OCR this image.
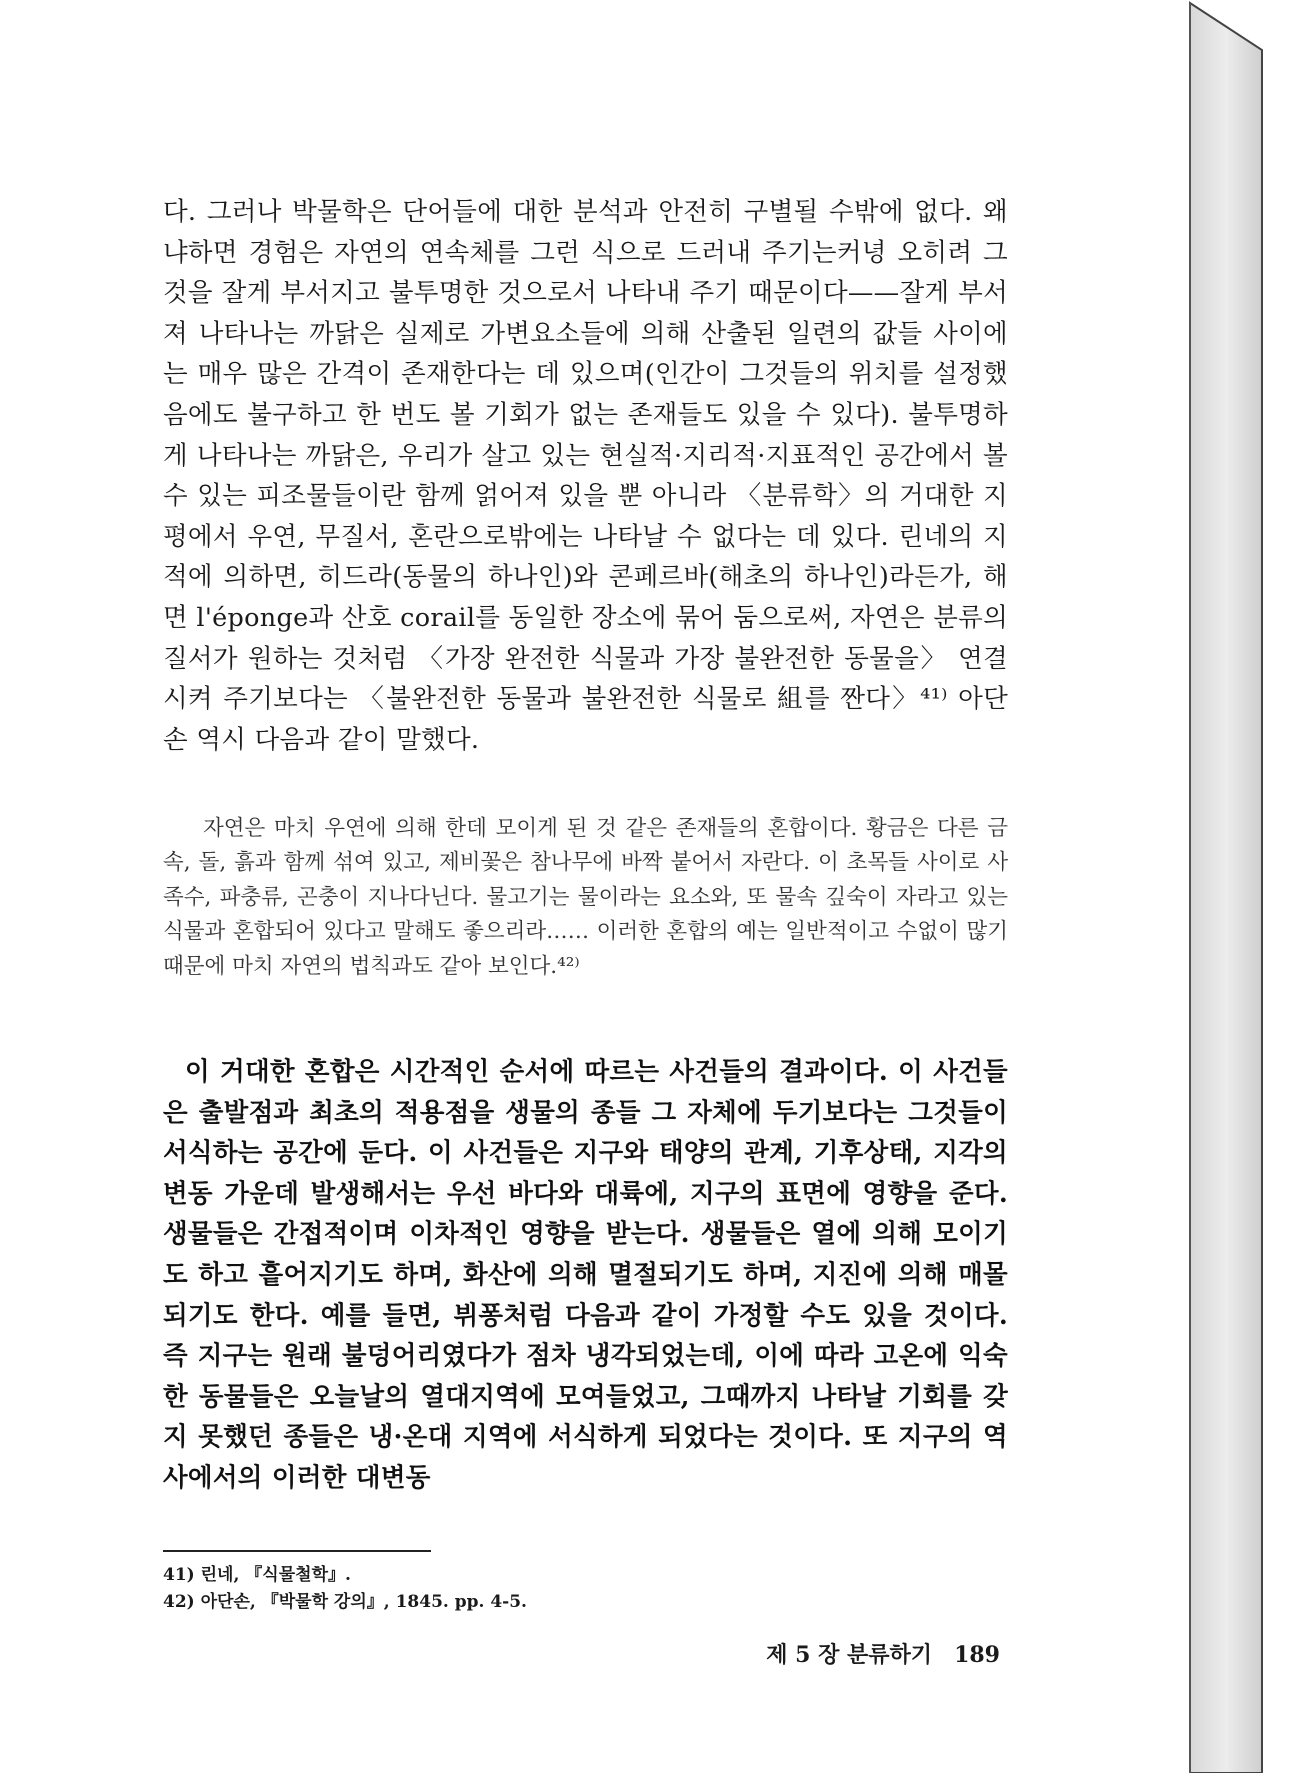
다. 그러나 박물학은 단어들에 대한 분석과 안전히 구별될 수밖에 없다. 왜냐하면 경험은 자연의 연속체를 그런 식으로 드러내 주기는커녕 오히려 그것을 잘게 부서지고 불투명한 것으로서 나타내 주기 때문이다——잘게 부서져 나타나는 까닭은 실제로 가변요소들에 의해 산출된 일련의 값들 사이에는 매우 많은 간격이 존재한다는 데 있으며(인간이 그것들의 위치를 설정했음에도 불구하고 한 번도 볼 기회가 없는 존재들도 있을 수 있다). 불투명하게 나타나는 까닭은, 우리가 살고 있는 현실적·지리적·지표적인 공간에서 볼 수 있는 피조물들이란 함께 얽어져 있을 뿐 아니라 〈분류학〉의 거대한 지평에서 우연, 무질서, 혼란으로밖에는 나타날 수 없다는 데 있다. 린네의 지적에 의하면, 히드라(동물의 하나인)와 콘페르바(해초의 하나인)라든가, 해면 l'éponge과 산호 corail를 동일한 장소에 묶어 둠으로써, 자연은 분류의 질서가 원하는 것처럼 〈가장 완전한 식물과 가장 불완전한 동물을〉 연결시켜 주기보다는 〈불완전한 동물과 불완전한 식물로 組를 짠다〉⁴¹⁾ 아단손 역시 다음과 같이 말했다.

자연은 마치 우연에 의해 한데 모이게 된 것 같은 존재들의 혼합이다. 황금은 다른 금속, 돌, 흙과 함께 섞여 있고, 제비꽃은 참나무에 바짝 붙어서 자란다. 이 초목들 사이로 사족수, 파충류, 곤충이 지나다닌다. 물고기는 물이라는 요소와, 또 물속 깊숙이 자라고 있는 식물과 혼합되어 있다고 말해도 좋으리라…… 이러한 혼합의 예는 일반적이고 수없이 많기 때문에 마치 자연의 법칙과도 같아 보인다.⁴²⁾

이 거대한 혼합은 시간적인 순서에 따르는 사건들의 결과이다. 이 사건들은 출발점과 최초의 적용점을 생물의 종들 그 자체에 두기보다는 그것들이 서식하는 공간에 둔다. 이 사건들은 지구와 태양의 관계, 기후상태, 지각의 변동 가운데 발생해서는 우선 바다와 대륙에, 지구의 표면에 영향을 준다. 생물들은 간접적이며 이차적인 영향을 받는다. 생물들은 열에 의해 모이기도 하고 흩어지기도 하며, 화산에 의해 멸절되기도 하며, 지진에 의해 매몰되기도 한다. 예를 들면, 뷔퐁처럼 다음과 같이 가정할 수도 있을 것이다. 즉 지구는 원래 불덩어리였다가 점차 냉각되었는데, 이에 따라 고온에 익숙한 동물들은 오늘날의 열대지역에 모여들었고, 그때까지 나타날 기회를 갖지 못했던 종들은 냉·온대 지역에 서식하게 되었다는 것이다. 또 지구의 역사에서의 이러한 대변동

41) 린네, 『식물철학』.

42) 아단손, 『박물학 강의』, 1845. pp. 4-5.

제 5 장 분류하기 189
